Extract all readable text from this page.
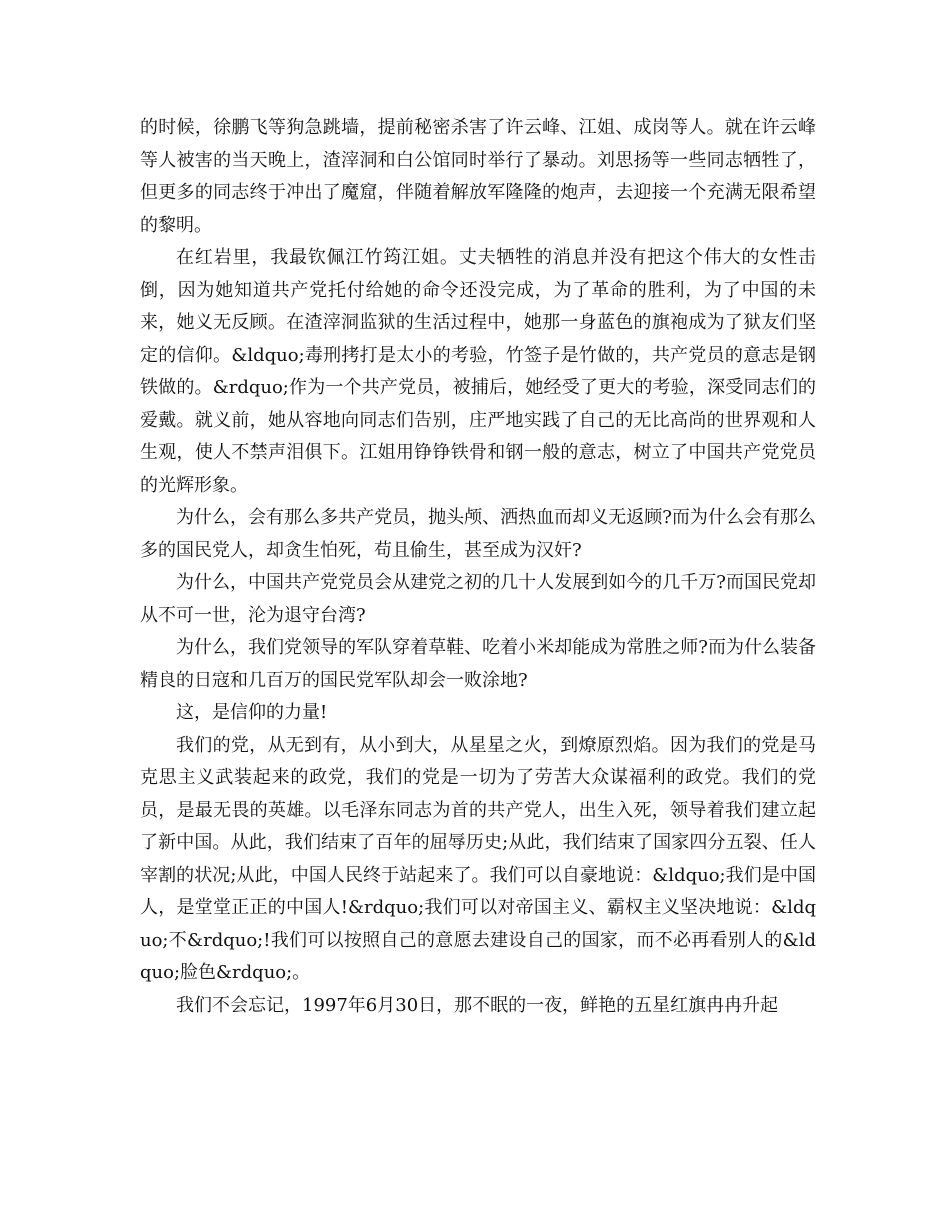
的时候，徐鹏飞等狗急跳墙，提前秘密杀害了许云峰、江姐、成岗等人。就在许云峰等人被害的当天晚上，渣滓洞和白公馆同时举行了暴动。刘思扬等一些同志牺牲了，但更多的同志终于冲出了魔窟，伴随着解放军隆隆的炮声，去迎接一个充满无限希望的黎明。

在红岩里，我最钦佩江竹筠江姐。丈夫牺牲的消息并没有把这个伟大的女性击倒，因为她知道共产党托付给她的命令还没完成，为了革命的胜利，为了中国的未来，她义无反顾。在渣滓洞监狱的生活过程中，她那一身蓝色的旗袍成为了狱友们坚定的信仰。&ldquo;毒刑拷打是太小的考验，竹签子是竹做的，共产党员的意志是钢铁做的。&rdquo;作为一个共产党员，被捕后，她经受了更大的考验，深受同志们的爱戴。就义前，她从容地向同志们告别，庄严地实践了自己的无比高尚的世界观和人生观，使人不禁声泪俱下。江姐用铮铮铁骨和钢一般的意志，树立了中国共产党党员的光辉形象。

为什么，会有那么多共产党员，抛头颅、洒热血而却义无返顾?而为什么会有那么多的国民党人，却贪生怕死，苟且偷生，甚至成为汉奸?

为什么，中国共产党党员会从建党之初的几十人发展到如今的几千万?而国民党却从不可一世，沦为退守台湾?

为什么，我们党领导的军队穿着草鞋、吃着小米却能成为常胜之师?而为什么装备精良的日寇和几百万的国民党军队却会一败涂地?

这，是信仰的力量!

我们的党，从无到有，从小到大，从星星之火，到燎原烈焰。因为我们的党是马克思主义武装起来的政党，我们的党是一切为了劳苦大众谋福利的政党。我们的党员，是最无畏的英雄。以毛泽东同志为首的共产党人，出生入死，领导着我们建立起了新中国。从此，我们结束了百年的屈辱历史;从此，我们结束了国家四分五裂、任人宰割的状况;从此，中国人民终于站起来了。我们可以自豪地说：&ldquo;我们是中国人，是堂堂正正的中国人!&rdquo;我们可以对帝国主义、霸权主义坚决地说：&ldquo;不&rdquo;!我们可以按照自己的意愿去建设自己的国家，而不必再看别人的&ldquo;脸色&rdquo;。

我们不会忘记，1997年6月30日，那不眠的一夜，鲜艳的五星红旗冉冉升起
